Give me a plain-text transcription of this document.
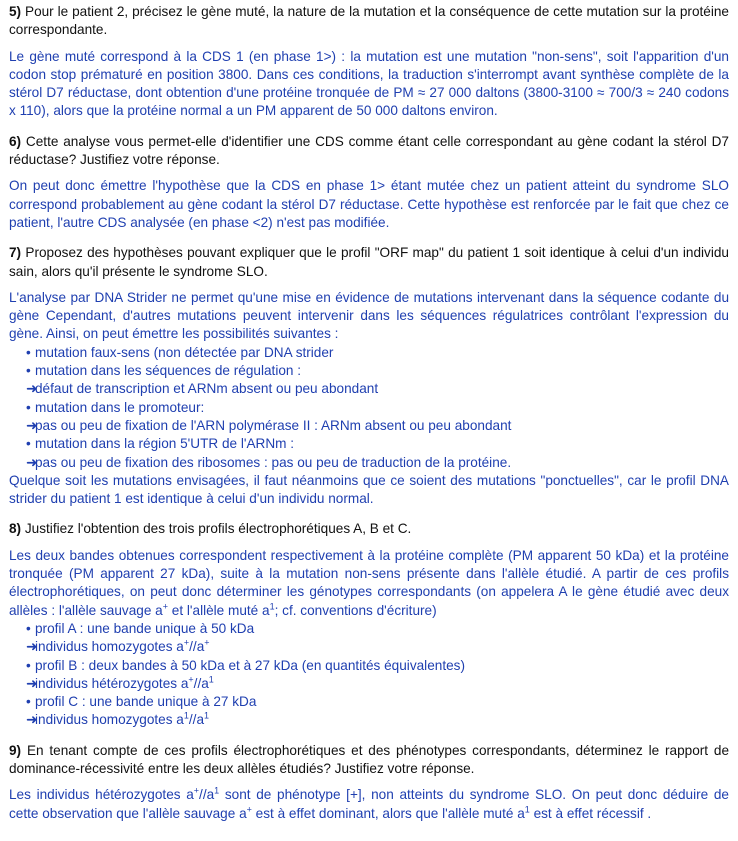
5) Pour le patient 2, précisez le gène muté, la nature de la mutation et la conséquence de cette mutation sur la protéine correspondante.

Le gène muté correspond à la CDS 1 (en phase 1>) : la mutation est une mutation "non-sens", soit l'apparition d'un codon stop prématuré en position 3800. Dans ces conditions, la traduction s'interrompt avant synthèse complète de la stérol D7 réductase, dont obtention d'une protéine tronquée de PM ≈ 27 000 daltons (3800-3100 ≈ 700/3 ≈ 240 codons x 110), alors que la protéine normal a un PM apparent de 50 000 daltons environ.

6) Cette analyse vous permet-elle d'identifier une CDS comme étant celle correspondant au gène codant la stérol D7 réductase? Justifiez votre réponse.

On peut donc émettre l'hypothèse que la CDS en phase 1> étant mutée chez un patient atteint du syndrome SLO correspond probablement au gène codant la stérol D7 réductase. Cette hypothèse est renforcée par le fait que chez ce patient, l'autre CDS analysée (en phase <2) n'est pas modifiée.

7) Proposez des hypothèses pouvant expliquer que le profil "ORF map" du patient 1 soit identique à celui d'un individu sain, alors qu'il présente le syndrome SLO.

L'analyse par DNA Strider ne permet qu'une mise en évidence de mutations intervenant dans la séquence codante du gène Cependant, d'autres mutations peuvent intervenir dans les séquences régulatrices contrôlant l'expression du gène. Ainsi, on peut émettre les possibilités suivantes :

• mutation faux-sens (non détectée par DNA strider

• mutation dans les séquences de régulation :

➜défaut de transcription et ARNm absent ou peu abondant

• mutation dans le promoteur:

➜pas ou peu de fixation de l'ARN polymérase II : ARNm absent ou peu abondant

• mutation dans la région 5'UTR de l'ARNm :

➜pas ou peu de fixation des ribosomes : pas ou peu de traduction de la protéine.

Quelque soit les mutations envisagées, il faut néanmoins que ce soient des mutations "ponctuelles", car le profil DNA strider du patient 1 est identique à celui d'un individu normal.

8) Justifiez l'obtention des trois profils électrophorétiques A, B et C.

Les deux bandes obtenues correspondent respectivement à la protéine complète (PM apparent 50 kDa) et la protéine tronquée (PM apparent 27 kDa), suite à la mutation non-sens présente dans l'allèle étudié. A partir de ces profils électrophorétiques, on peut donc déterminer les génotypes correspondants (on appelera A le gène étudié avec deux allèles : l'allèle sauvage a+ et l'allèle muté $a^1$; cf. conventions d'écriture)

• profil A : une bande unique à 50 kDa

➜individus homozygotes a+//a+

• profil B : deux bandes à 50 kDa et à 27 kDa (en quantités équivalentes)

➜individus hétérozygotes $a^+//a^1$

• profil C : une bande unique à 27 kDa

➜individus homozygotes $a^1//a^1$

9) En tenant compte de ces profils électrophorétiques et des phénotypes correspondants, déterminez le rapport de dominance-récessivité entre les deux allèles étudiés? Justifiez votre réponse.

Les individus hétérozygotes $a^+//a^1$ sont de phénotype [+], non atteints du syndrome SLO. On peut donc déduire de cette observation que l'allèle sauvage a+ est à effet dominant, alors que l'allèle muté $a^1$ est à effet récessif .
